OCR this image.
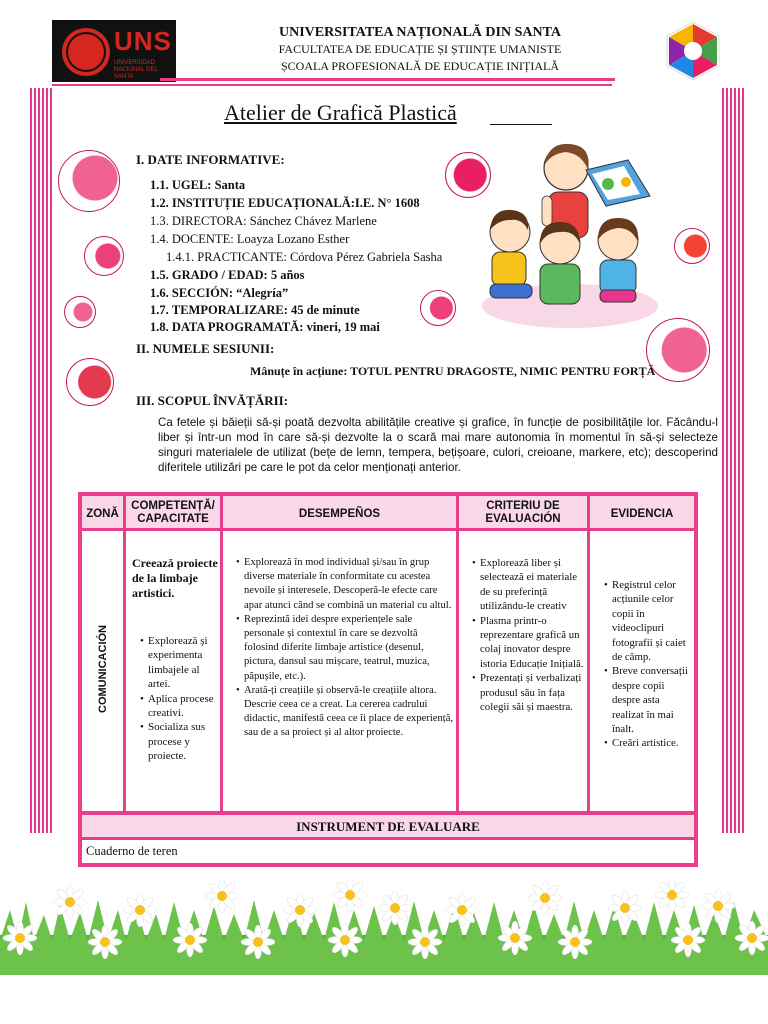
UNS
UNIVERSIDAD NACIONAL DEL SANTA
UNIVERSITATEA NAȚIONALĂ DIN SANTA
FACULTATEA DE EDUCAȚIE ȘI ȘTIINȚE UMANISTE
ȘCOALA PROFESIONALĂ DE EDUCAȚIE INIȚIALĂ
Atelier de Grafică Plastică
I. DATE INFORMATIVE:
1.1. UGEL: Santa
1.2. INSTITUȚIE EDUCAȚIONALĂ:I.E. N° 1608
1.3. DIRECTORA: Sánchez Chávez Marlene
1.4. DOCENTE: Loayza Lozano Esther
1.4.1. PRACTICANTE: Córdova Pérez Gabriela Sasha
1.5. GRADO / EDAD: 5 años
1.6. SECCIÓN: “Alegría”
1.7. TEMPORALIZARE: 45 de minute
1.8. DATA PROGRAMATĂ: vineri, 19 mai
II. NUMELE SESIUNII:
Mânuțe în acțiune: TOTUL PENTRU DRAGOSTE, NIMIC PENTRU FORȚĂ
III. SCOPUL ÎNVĂȚĂRII:
Ca fetele și băieții să-și poată dezvolta abilitățile creative și grafice, în funcție de posibilitățile lor. Făcându-l liber și într-un mod în care să-și dezvolte la o scară mai mare autonomia în momentul în să-și selecteze singuri materialele de utilizat (bețe de lemn, tempera, bețișoare, culori, creioane, markere, etc); descoperind diferitele utilizări pe care le pot da celor menționați anterior.
ZONĂ
COMPETENȚĂ/ CAPACITATE	DESEMPEÑOS
CRITERIU DE EVALUACIÓN	EVIDENCIA
COMUNICACIÓN
Creează proiecte de la limbaje artistici.
• Explorează și experimenta limbajele al artei.
• Aplica procese creativi.
• Socializa sus procese y proiecte.
• Explorează în mod individual și/sau în grup diverse materiale în conformitate cu acestea nevoile și interesele. Descoperă-le efecte care apar atunci când se combină un material cu altul.
• Reprezintă idei despre experiențele sale personale și contextul în care se dezvoltă folosind diferite limbaje artistice (desenul, pictura, dansul sau mișcare, teatrul, muzica, păpușile, etc.).
• Arată-ți creațiile și observă-le creațiile altora. Descrie ceea ce a creat. La cererea cadrului didactic, manifestă ceea ce îi place de experiență, sau de a sa proiect și al altor proiecte.
• Explorează liber și selectează ei materiale de su preferință utilizându-le creativ
• Plasma printr-o reprezentare grafică un colaj inovator despre istoria Educație Inițială.
• Prezentați și verbalizați produsul său în fața colegii săi și maestra.
• Registrul celor acțiunile celor copii în videoclipuri fotografii și caiet de câmp.
• Breve conversații despre copii despre asta realizat în mai înalt.
• Creări artistice.
INSTRUMENT DE EVALUARE
Cuaderno de teren
